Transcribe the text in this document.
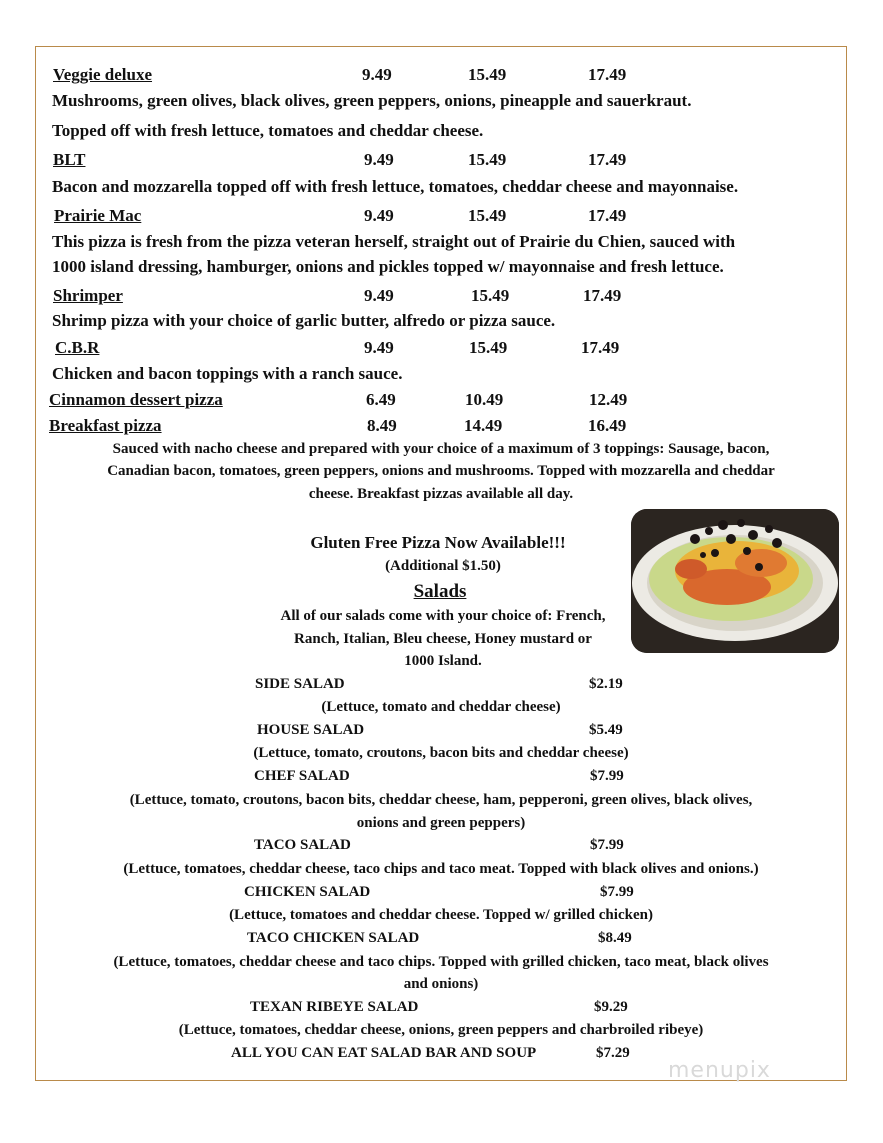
Veggie deluxe	9.49	15.49	17.49
Mushrooms, green olives, black olives, green peppers, onions, pineapple and sauerkraut.
Topped off with fresh lettuce, tomatoes and cheddar cheese.
BLT	9.49	15.49	17.49
Bacon and mozzarella topped off with fresh lettuce, tomatoes, cheddar cheese and mayonnaise.
Prairie Mac	9.49	15.49	17.49
This pizza is fresh from the pizza veteran herself, straight out of Prairie du Chien, sauced with
1000 island dressing, hamburger, onions and pickles topped w/ mayonnaise and fresh lettuce.
Shrimper	9.49	15.49	17.49
Shrimp pizza with your choice of garlic butter, alfredo or pizza sauce.
C.B.R	9.49	15.49	17.49
Chicken and bacon toppings with a ranch sauce.
Cinnamon dessert pizza	6.49	10.49	12.49
Breakfast pizza	8.49	14.49	16.49
Sauced with nacho cheese and prepared with your choice of a maximum of 3 toppings: Sausage, bacon,
Canadian bacon, tomatoes, green peppers, onions and mushrooms. Topped with mozzarella and cheddar
cheese. Breakfast pizzas available all day.
Gluten Free Pizza Now Available!!!
(Additional $1.50)
Salads
All of our salads come with your choice of: French,
Ranch, Italian, Bleu cheese, Honey mustard or
1000 Island.
SIDE SALAD	$2.19
(Lettuce, tomato and cheddar cheese)
HOUSE SALAD	$5.49
(Lettuce, tomato, croutons, bacon bits and cheddar cheese)
CHEF SALAD	$7.99
(Lettuce, tomato, croutons, bacon bits, cheddar cheese, ham, pepperoni, green olives, black olives,
onions and green peppers)
TACO SALAD	$7.99
(Lettuce, tomatoes, cheddar cheese, taco chips and taco meat. Topped with black olives and onions.)
CHICKEN SALAD	$7.99
(Lettuce, tomatoes and cheddar cheese. Topped w/ grilled chicken)
TACO CHICKEN SALAD	$8.49
(Lettuce, tomatoes, cheddar cheese and taco chips. Topped with grilled chicken, taco meat, black olives
and onions)
TEXAN RIBEYE SALAD	$9.29
(Lettuce, tomatoes, cheddar cheese, onions, green peppers and charbroiled ribeye)
ALL YOU CAN EAT SALAD BAR AND SOUP	$7.29
menupix
